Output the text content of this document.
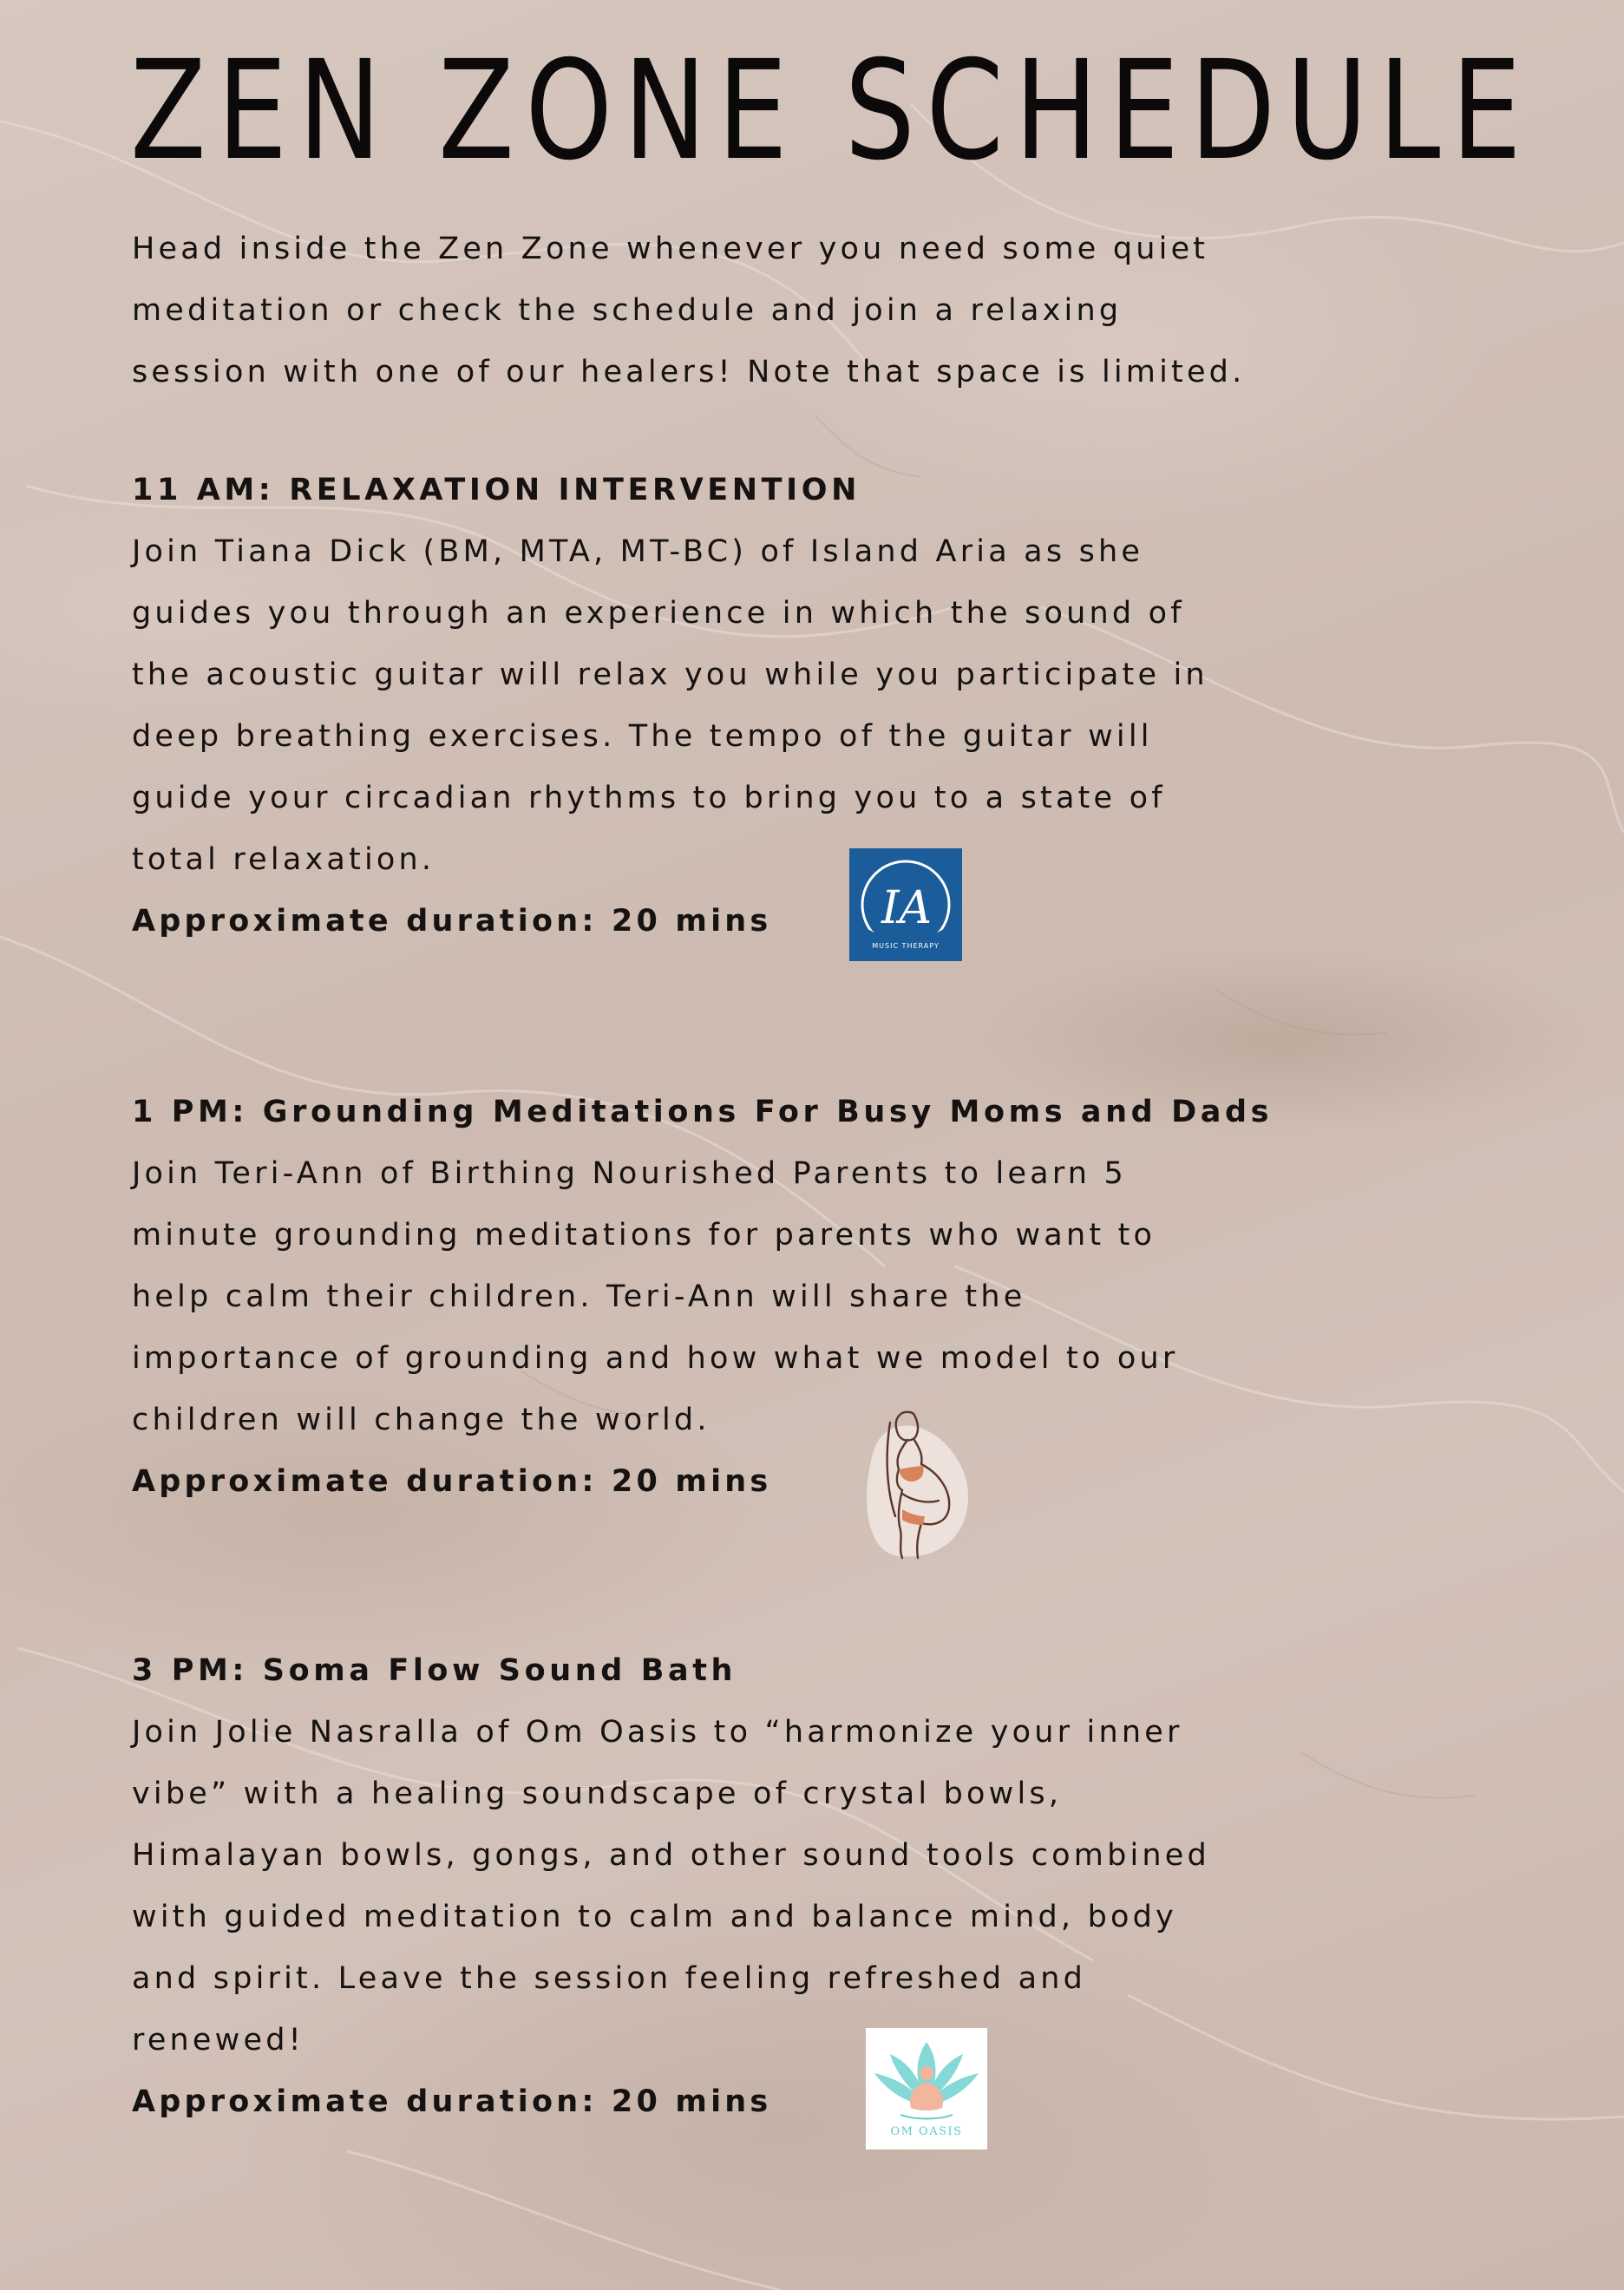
ZEN ZONE SCHEDULE
Head inside the Zen Zone whenever you need some quiet
meditation or check the schedule and join a relaxing
session with one of our healers! Note that space is limited.
11 AM: RELAXATION INTERVENTION
Join Tiana Dick (BM, MTA, MT-BC) of Island Aria as she
guides you through an experience in which the sound of
the acoustic guitar will relax you while you participate in
deep breathing exercises. The tempo of the guitar will
guide your circadian rhythms to bring you to a state of
total relaxation.
Approximate duration: 20 mins	IA
MUSIC THERAPY
1 PM: Grounding Meditations For Busy Moms and Dads
Join Teri-Ann of Birthing Nourished Parents to learn 5
minute grounding meditations for parents who want to
help calm their children. Teri-Ann will share the
importance of grounding and how what we model to our
children will change the world.
Approximate duration: 20 mins
3 PM: Soma Flow Sound Bath
Join Jolie Nasralla of Om Oasis to “harmonize your inner
vibe” with a healing soundscape of crystal bowls,
Himalayan bowls, gongs, and other sound tools combined
with guided meditation to calm and balance mind, body
and spirit. Leave the session feeling refreshed and
renewed!
Approximate duration: 20 mins
OM OASIS
